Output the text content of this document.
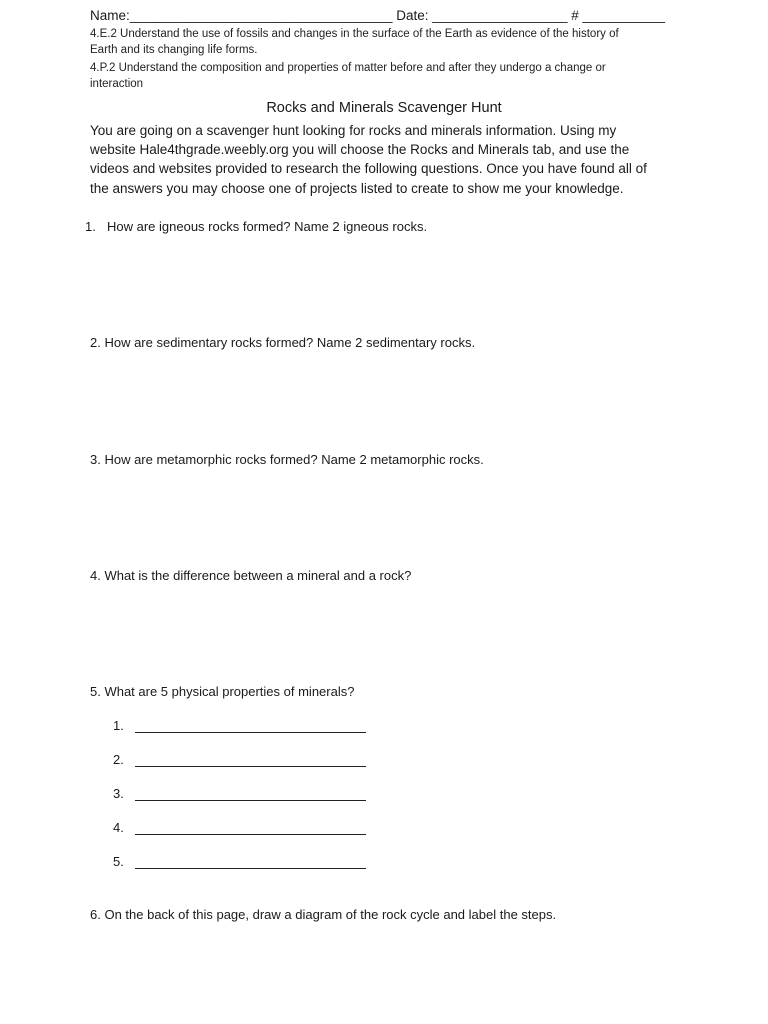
Name:___________________________________ Date: __________________ # ___________
4.E.2 Understand the use of fossils and changes in the surface of the Earth as evidence of the history of
Earth and its changing life forms.
4.P.2 Understand the composition and properties of matter before and after they undergo a change or
interaction
Rocks and Minerals Scavenger Hunt
You are going on a scavenger hunt looking for rocks and minerals information. Using my
website Hale4thgrade.weebly.org you will choose the Rocks and Minerals tab, and use the
videos and websites provided to research the following questions. Once you have found all of
the answers you may choose one of projects listed to create to show me your knowledge.
1. How are igneous rocks formed? Name 2 igneous rocks.
2. How are sedimentary rocks formed? Name 2 sedimentary rocks.
3. How are metamorphic rocks formed? Name 2 metamorphic rocks.
4. What is the difference between a mineral and a rock?
5. What are 5 physical properties of minerals?
1.
2.
3.
4.
5.
6. On the back of this page, draw a diagram of the rock cycle and label the steps.
